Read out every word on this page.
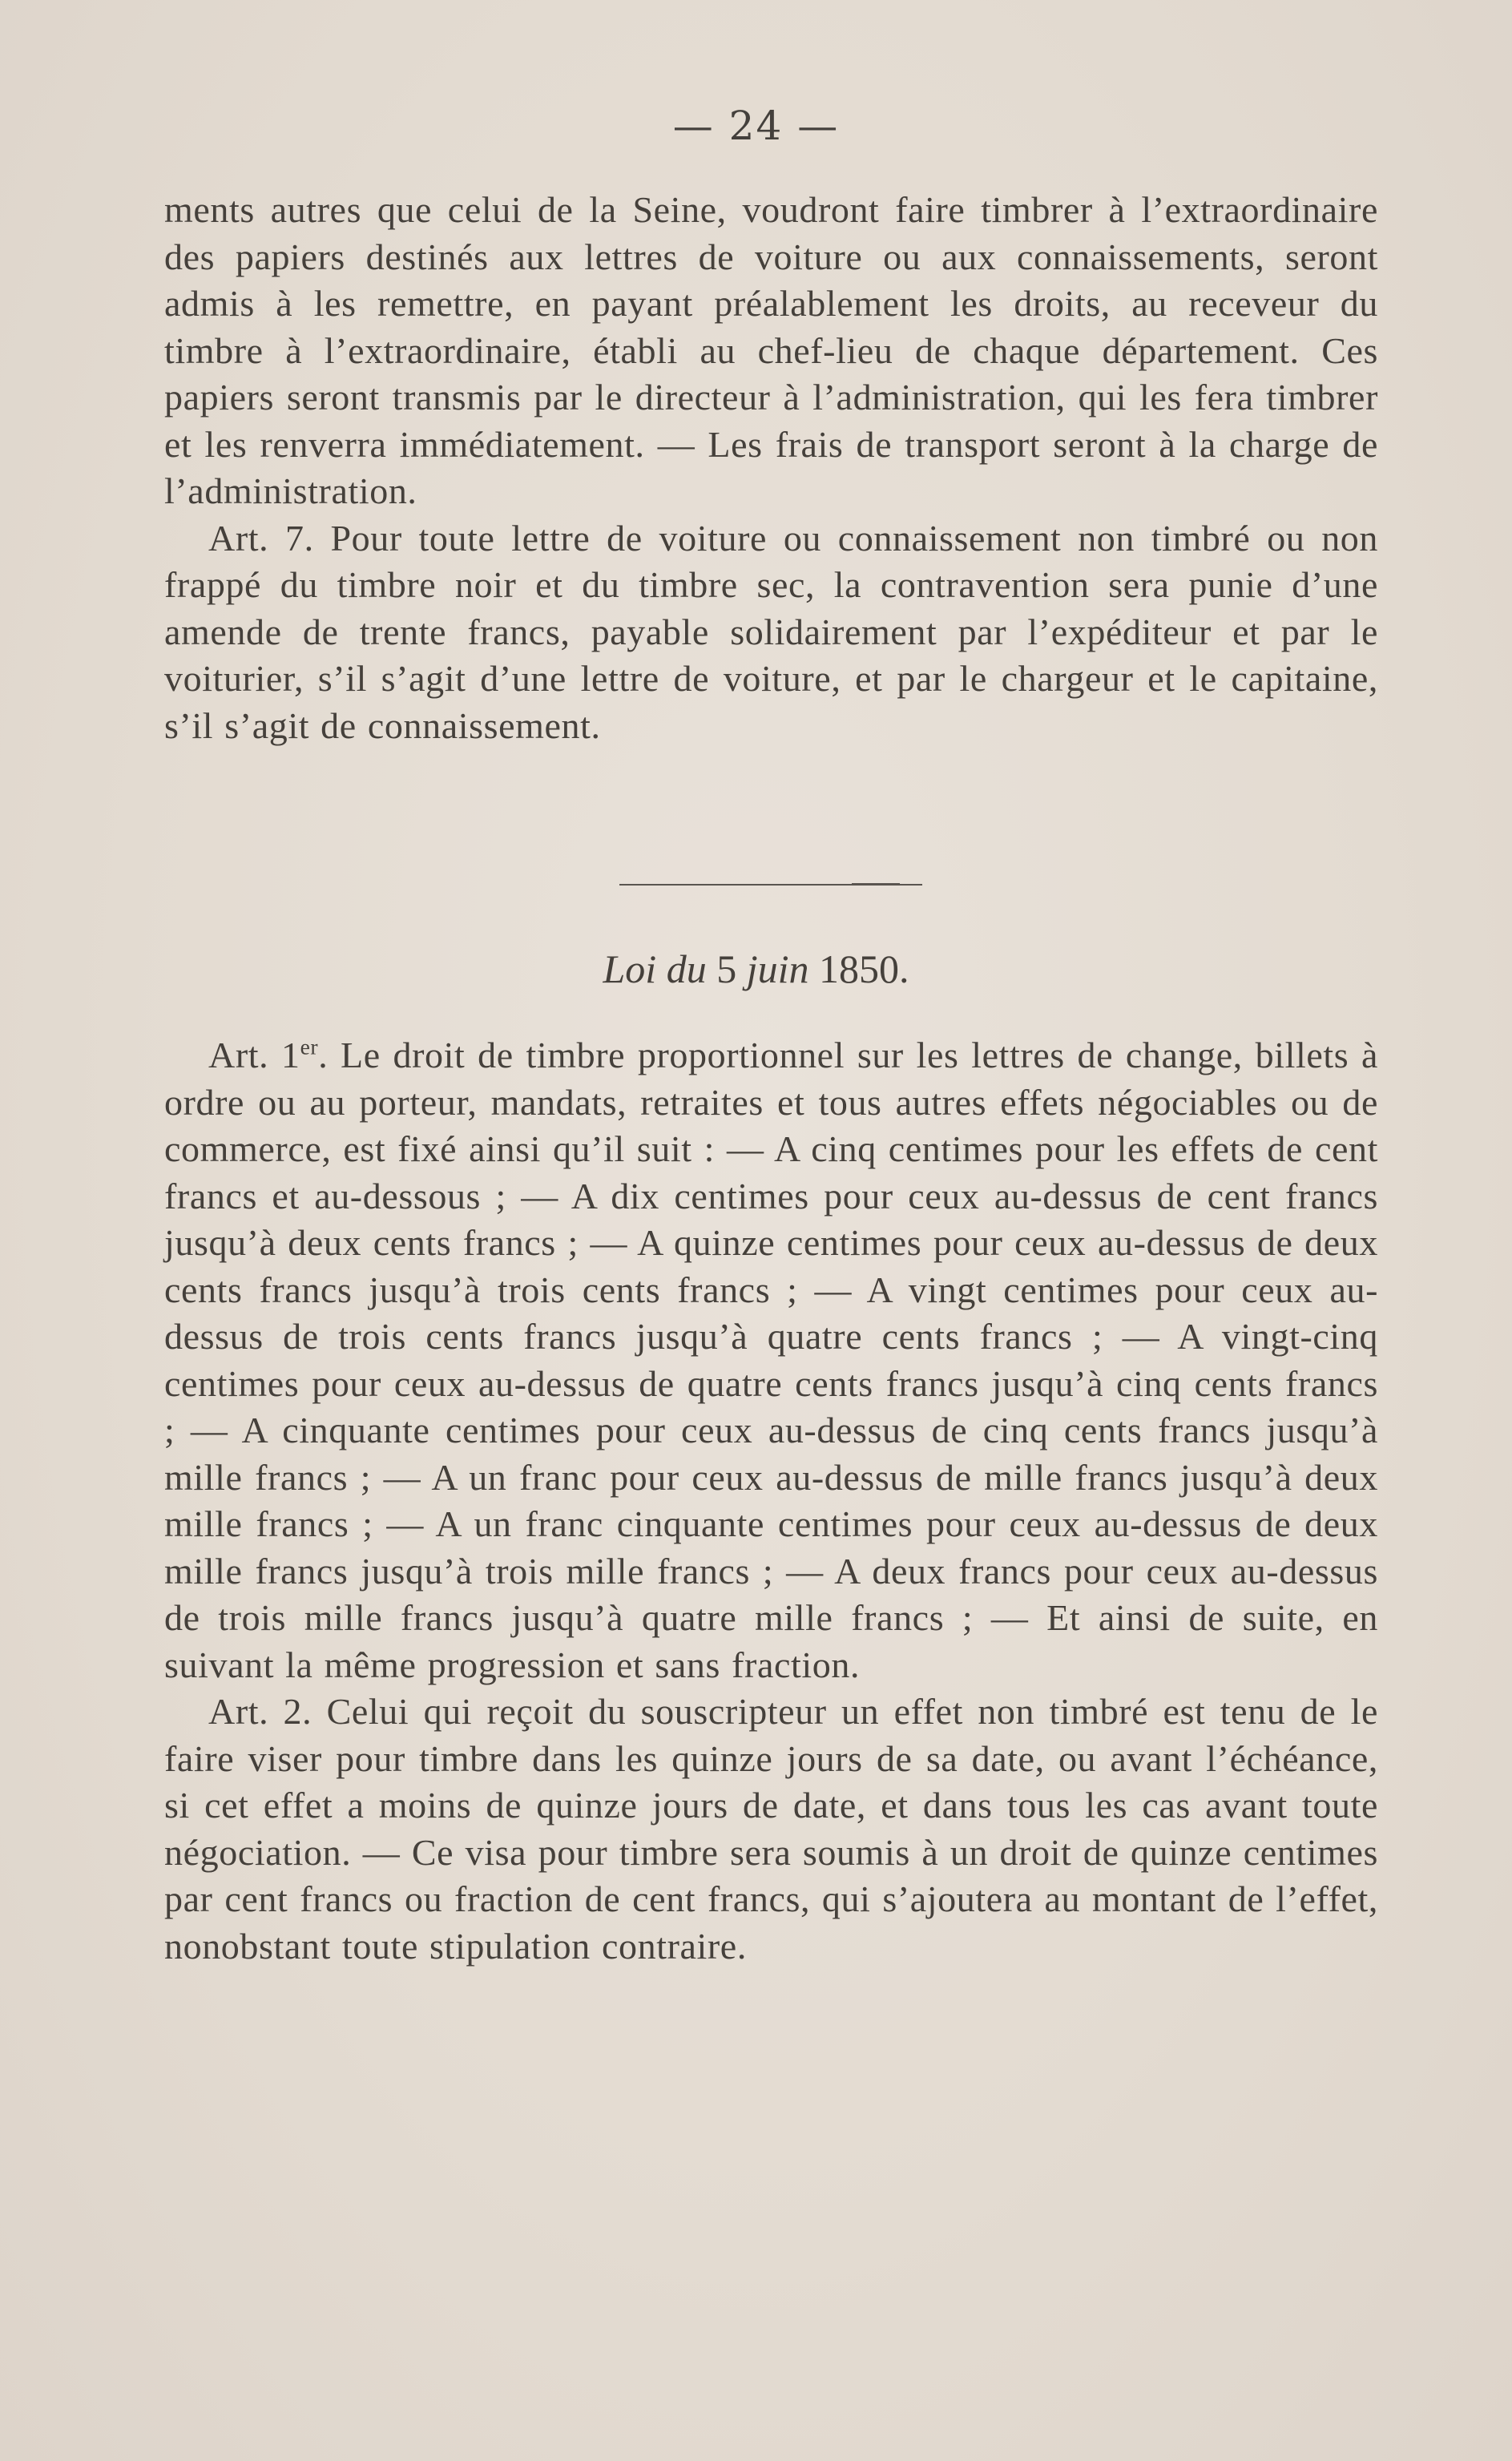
— 24 —

ments autres que celui de la Seine, voudront faire timbrer à l’extraordinaire des papiers destinés aux lettres de voiture ou aux connaissements, seront admis à les remettre, en payant préalablement les droits, au receveur du timbre à l’extraordinaire, établi au chef-lieu de chaque département. Ces papiers seront transmis par le directeur à l’administration, qui les fera timbrer et les renverra immédiatement. — Les frais de transport seront à la charge de l’administration.

Art. 7. Pour toute lettre de voiture ou connaissement non timbré ou non frappé du timbre noir et du timbre sec, la contravention sera punie d’une amende de trente francs, payable solidairement par l’expéditeur et par le voiturier, s’il s’agit d’une lettre de voiture, et par le chargeur et le capitaine, s’il s’agit de connaissement.

Loi du 5 juin 1850.

Art. 1er. Le droit de timbre proportionnel sur les lettres de change, billets à ordre ou au porteur, mandats, retraites et tous autres effets négociables ou de commerce, est fixé ainsi qu’il suit : — A cinq centimes pour les effets de cent francs et au-dessous ; — A dix centimes pour ceux au-dessus de cent francs jusqu’à deux cents francs ; — A quinze centimes pour ceux au-dessus de deux cents francs jusqu’à trois cents francs ; — A vingt centimes pour ceux au-dessus de trois cents francs jusqu’à quatre cents francs ; — A vingt-cinq centimes pour ceux au-dessus de quatre cents francs jusqu’à cinq cents francs ; — A cinquante centimes pour ceux au-dessus de cinq cents francs jusqu’à mille francs ; — A un franc pour ceux au-dessus de mille francs jusqu’à deux mille francs ; — A un franc cinquante centimes pour ceux au-dessus de deux mille francs jusqu’à trois mille francs ; — A deux francs pour ceux au-dessus de trois mille francs jusqu’à quatre mille francs ; — Et ainsi de suite, en suivant la même progression et sans fraction.

Art. 2. Celui qui reçoit du souscripteur un effet non timbré est tenu de le faire viser pour timbre dans les quinze jours de sa date, ou avant l’échéance, si cet effet a moins de quinze jours de date, et dans tous les cas avant toute négociation. — Ce visa pour timbre sera soumis à un droit de quinze centimes par cent francs ou fraction de cent francs, qui s’ajoutera au montant de l’effet, nonobstant toute stipulation contraire.
